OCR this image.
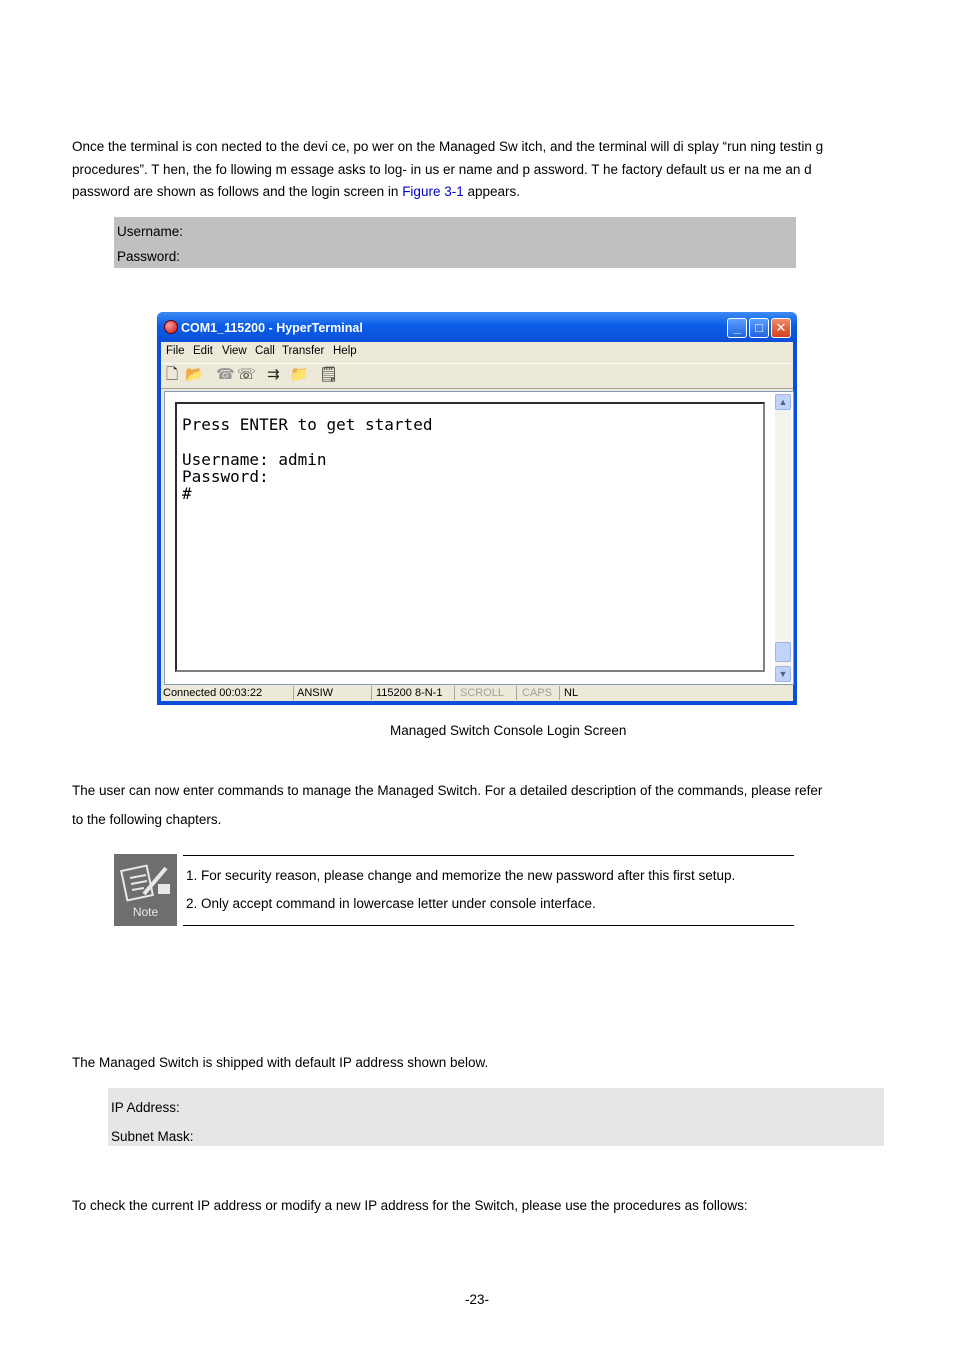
Once the terminal is con nected to the devi ce, po wer on the Managed Sw itch, and the terminal will di splay “run ning testin g
procedures”. T hen, the fo llowing m essage asks to log- in us er name and p assword. T he factory default us er na me an d
password are shown as follows and the login screen in Figure 3-1 appears.

Username:
Password:
COM1_115200 - HyperTerminal	_	□ ✕
File Edit View Call Transfer Help
🗋 📂 ☎ ☏ ⇉ 📁 🗒
Press ENTER to get started
Username: admin
Password:
#
▲
▼
Connected 00:03:22	ANSIW	115200 8-N-1 SCROLL CAPS NL
Managed Switch Console Login Screen

The user can now enter commands to manage the Managed Switch. For a detailed description of the commands, please refer
to the following chapters.

Note
1. For security reason, please change and memorize the new password after this first setup.
2. Only accept command in lowercase letter under console interface.
The Managed Switch is shipped with default IP address shown below.
IP Address:
Subnet Mask:
To check the current IP address or modify a new IP address for the Switch, please use the procedures as follows:
-23-
